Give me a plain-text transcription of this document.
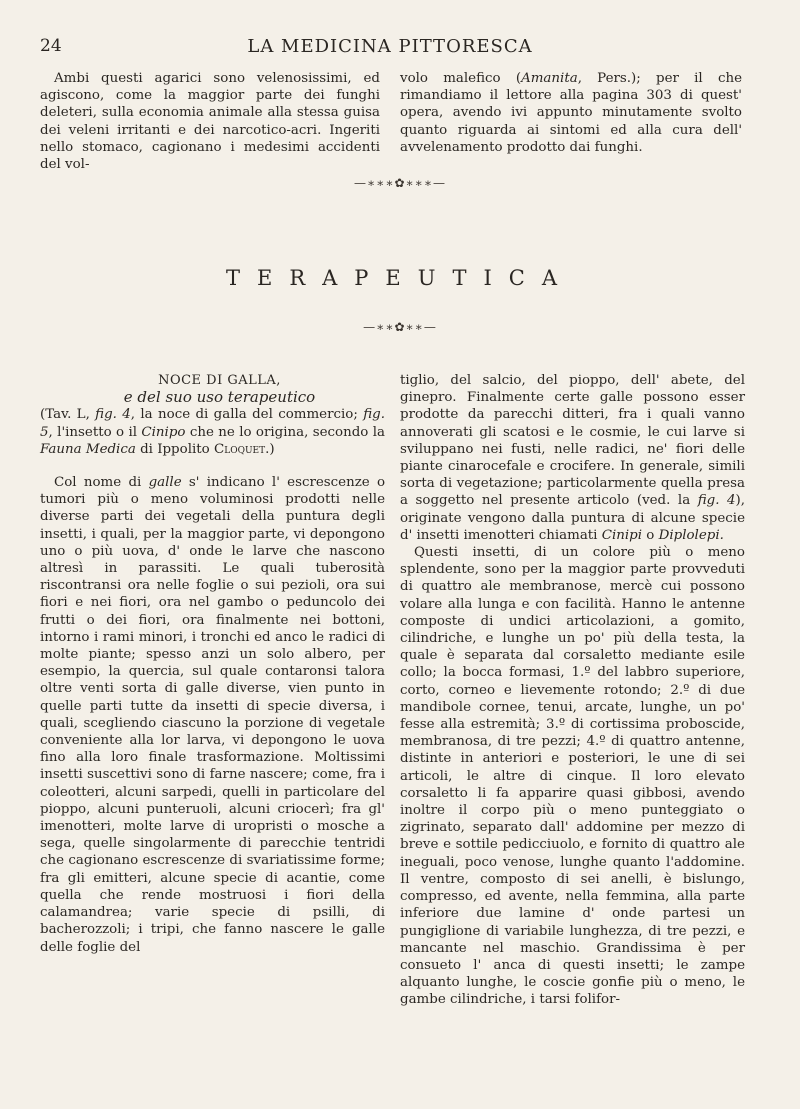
24	LA MEDICINA PITTORESCA

Ambi questi agarici sono velenosissimi, ed agiscono, come la maggior parte dei funghi deleteri, sulla economia animale alla stessa guisa dei veleni irritanti e dei narcotico-acri. Ingeriti nello stomaco, cagionano i medesimi accidenti del vol-

volo malefico (Amanita, Pers.); per il che rimandiamo il lettore alla pagina 303 di quest' opera, avendo ivi appunto minutamente svolto quanto riguarda ai sintomi ed alla cura dell' avvelenamento prodotto dai funghi.

—∗∗∗✿∗∗∗—
TERAPEUTICA
—∗∗✿∗∗—

NOCE DI GALLA,

e del suo uso terapeutico

(Tav. L, fig. 4, la noce di galla del commercio; fig. 5, l'insetto o il Cinipo che ne lo origina, secondo la Fauna Medica di Ippolito Cloquet.)

Col nome di galle s' indicano l' escrescenze o tumori più o meno voluminosi prodotti nelle diverse parti dei vegetali della puntura degli insetti, i quali, per la maggior parte, vi depongono uno o più uova, d' onde le larve che nascono altresì in parassiti. Le quali tuberosità riscontransi ora nelle foglie o sui pezioli, ora sui fiori e nei fiori, ora nel gambo o peduncolo dei frutti o dei fiori, ora finalmente nei bottoni, intorno i rami minori, i tronchi ed anco le radici di molte piante; spesso anzi un solo albero, per esempio, la quercia, sul quale contaronsi talora oltre venti sorta di galle diverse, vien punto in quelle parti tutte da insetti di specie diversa, i quali, scegliendo ciascuno la porzione di vegetale conveniente alla lor larva, vi depongono le uova fino alla loro finale trasformazione. Moltissimi insetti suscettivi sono di farne nascere; come, fra i coleotteri, alcuni sarpedi, quelli in particolare del pioppo, alcuni punteruoli, alcuni criocerì; fra gl' imenotteri, molte larve di uropristi o mosche a sega, quelle singolarmente di parecchie tentridi che cagionano escrescenze di svariatissime forme; fra gli emitteri, alcune specie di acantie, come quella che rende mostruosi i fiori della calamandrea; varie specie di psilli, di bacherozzoli; i tripi, che fanno nascere le galle delle foglie del

tiglio, del salcio, del pioppo, dell' abete, del ginepro. Finalmente certe galle possono esser prodotte da parecchi ditteri, fra i quali vanno annoverati gli scatosi e le cosmie, le cui larve si sviluppano nei fusti, nelle radici, ne' fiori delle piante cinarocefale e crocifere. In generale, simili sorta di vegetazione; particolarmente quella presa a soggetto nel presente articolo (ved. la fig. 4), originate vengono dalla puntura di alcune specie d' insetti imenotteri chiamati Cinipi o Diplolepi.

Questi insetti, di un colore più o meno splendente, sono per la maggior parte provveduti di quattro ale membranose, mercè cui possono volare alla lunga e con facilità. Hanno le antenne composte di undici articolazioni, a gomito, cilindriche, e lunghe un po' più della testa, la quale è separata dal corsaletto mediante esile collo; la bocca formasi, 1.º del labbro superiore, corto, corneo e lievemente rotondo; 2.º di due mandibole cornee, tenui, arcate, lunghe, un po' fesse alla estremità; 3.º di cortissima proboscide, membranosa, di tre pezzi; 4.º di quattro antenne, distinte in anteriori e posteriori, le une di sei articoli, le altre di cinque. Il loro elevato corsaletto li fa apparire quasi gibbosi, avendo inoltre il corpo più o meno punteggiato o zigrinato, separato dall' addomine per mezzo di breve e sottile pedicciuolo, e fornito di quattro ale ineguali, poco venose, lunghe quanto l'addomine. Il ventre, composto di sei anelli, è bislungo, compresso, ed avente, nella femmina, alla parte inferiore due lamine d' onde partesi un pungiglione di variabile lunghezza, di tre pezzi, e mancante nel maschio. Grandissima è per consueto l' anca di questi insetti; le zampe alquanto lunghe, le coscie gonfie più o meno, le gambe cilindriche, i tarsi folifor-
